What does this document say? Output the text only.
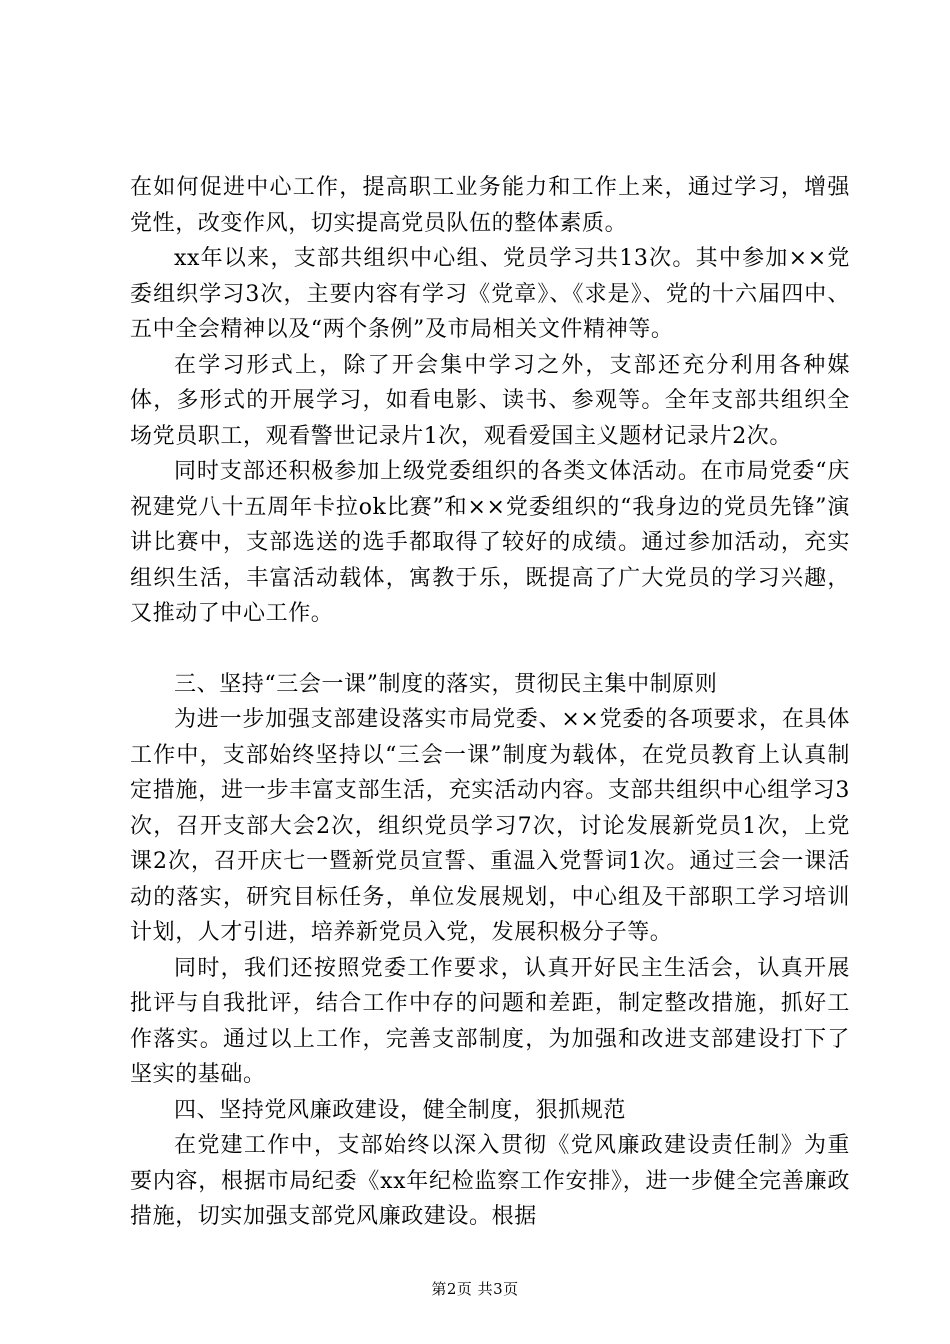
在如何促进中心工作，提高职工业务能力和工作上来，通过学习，增强党性，改变作风，切实提高党员队伍的整体素质。

xx年以来，支部共组织中心组、党员学习共13次。其中参加××党委组织学习3次，主要内容有学习《党章》、《求是》、党的十六届四中、五中全会精神以及“两个条例”及市局相关文件精神等。

在学习形式上，除了开会集中学习之外，支部还充分利用各种媒体，多形式的开展学习，如看电影、读书、参观等。全年支部共组织全场党员职工，观看警世记录片1次，观看爱国主义题材记录片2次。

同时支部还积极参加上级党委组织的各类文体活动。在市局党委“庆祝建党八十五周年卡拉ok比赛”和××党委组织的“我身边的党员先锋”演讲比赛中，支部选送的选手都取得了较好的成绩。通过参加活动，充实组织生活，丰富活动载体，寓教于乐，既提高了广大党员的学习兴趣，又推动了中心工作。

三、坚持“三会一课”制度的落实，贯彻民主集中制原则

为进一步加强支部建设落实市局党委、××党委的各项要求，在具体工作中，支部始终坚持以“三会一课”制度为载体，在党员教育上认真制定措施，进一步丰富支部生活，充实活动内容。支部共组织中心组学习3次，召开支部大会2次，组织党员学习7次，讨论发展新党员1次，上党课2次，召开庆七一暨新党员宣誓、重温入党誓词1次。通过三会一课活动的落实，研究目标任务，单位发展规划，中心组及干部职工学习培训计划，人才引进，培养新党员入党，发展积极分子等。

同时，我们还按照党委工作要求，认真开好民主生活会，认真开展批评与自我批评，结合工作中存的问题和差距，制定整改措施，抓好工作落实。通过以上工作，完善支部制度，为加强和改进支部建设打下了坚实的基础。

四、坚持党风廉政建设，健全制度，狠抓规范

在党建工作中，支部始终以深入贯彻《党风廉政建设责任制》为重要内容，根据市局纪委《xx年纪检监察工作安排》，进一步健全完善廉政措施，切实加强支部党风廉政建设。根据

第2页 共3页
